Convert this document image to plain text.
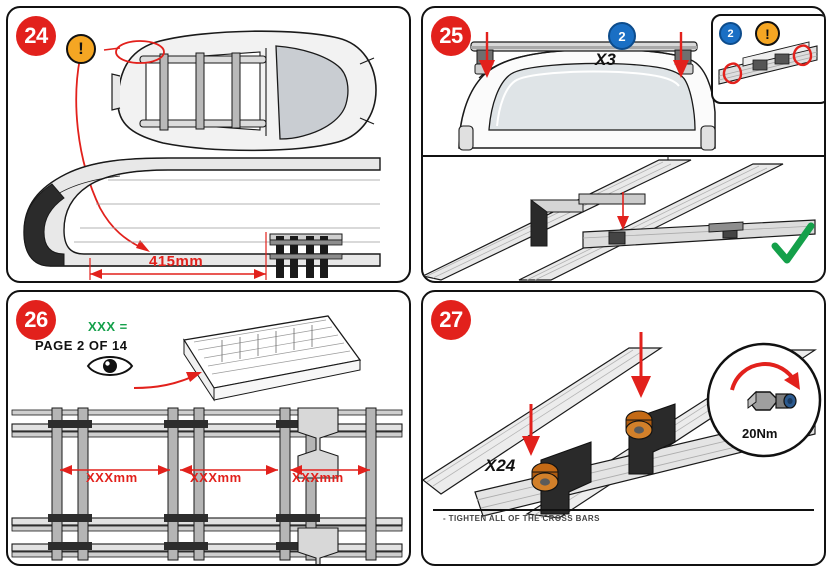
24
!
415mm
25	2
X3
2	!
26	XXX =
PAGE 2 OF 14
XXXmm	XXXmm	XXXmm
27
20Nm
X24
- TIGHTEN ALL OF THE CROSS BARS
